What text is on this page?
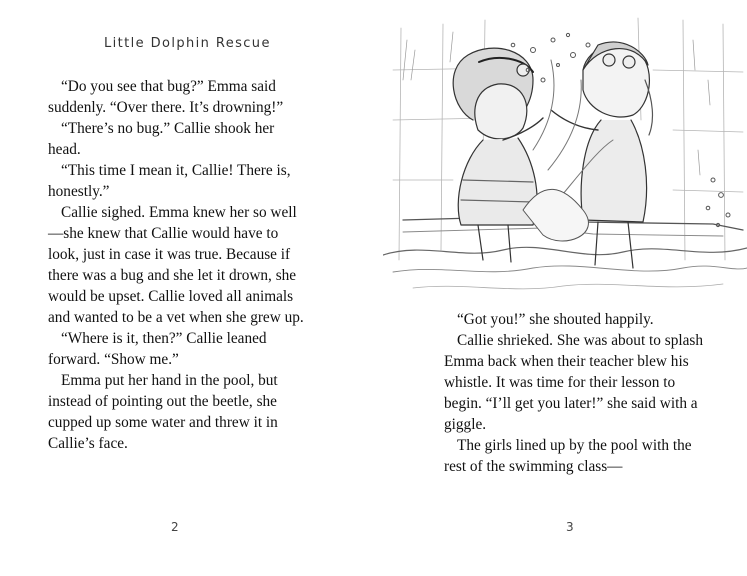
Little Dolphin Rescue

“Do you see that bug?” Emma said suddenly. “Over there. It’s drowning!”

“There’s no bug.” Callie shook her head.

“This time I mean it, Callie! There is, honestly.”

Callie sighed. Emma knew her so well—she knew that Callie would have to look, just in case it was true. Because if there was a bug and she let it drown, she would be upset. Callie loved all animals and wanted to be a vet when she grew up.

“Where is it, then?” Callie leaned forward. “Show me.”

Emma put her hand in the pool, but instead of pointing out the beetle, she cupped up some water and threw it in Callie’s face.

2

“Got you!” she shouted happily.

Callie shrieked. She was about to splash Emma back when their teacher blew his whistle. It was time for their lesson to begin. “I’ll get you later!” she said with a giggle.

The girls lined up by the pool with the rest of the swimming class—

3
